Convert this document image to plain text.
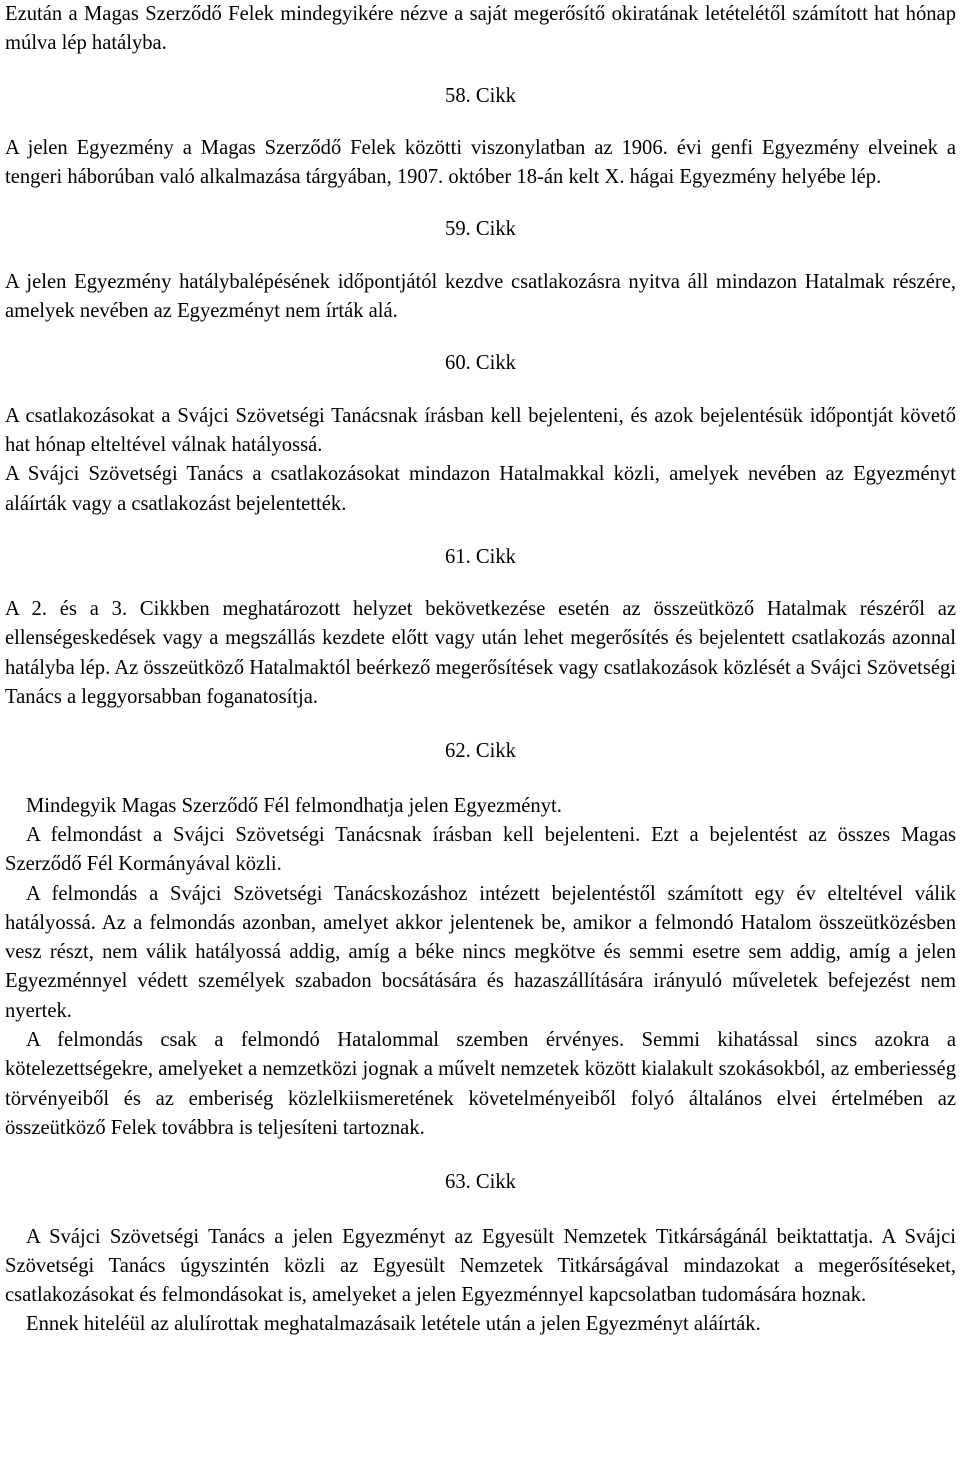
Ezután a Magas Szerződő Felek mindegyikére nézve a saját megerősítő okiratának letételétől számított hat hónap múlva lép hatályba.

58. Cikk

A jelen Egyezmény a Magas Szerződő Felek közötti viszonylatban az 1906. évi genfi Egyezmény elveinek a tengeri háborúban való alkalmazása tárgyában, 1907. október 18-án kelt X. hágai Egyezmény helyébe lép.

59. Cikk

A jelen Egyezmény hatálybalépésének időpontjától kezdve csatlakozásra nyitva áll mindazon Hatalmak részére, amelyek nevében az Egyezményt nem írták alá.

60. Cikk

A csatlakozásokat a Svájci Szövetségi Tanácsnak írásban kell bejelenteni, és azok bejelentésük időpontját követő hat hónap elteltével válnak hatályossá.

A Svájci Szövetségi Tanács a csatlakozásokat mindazon Hatalmakkal közli, amelyek nevében az Egyezményt aláírták vagy a csatlakozást bejelentették.

61. Cikk

A 2. és a 3. Cikkben meghatározott helyzet bekövetkezése esetén az összeütköző Hatalmak részéről az ellenségeskedések vagy a megszállás kezdete előtt vagy után lehet megerősítés és bejelentett csatlakozás azonnal hatályba lép. Az összeütköző Hatalmaktól beérkező megerősítések vagy csatlakozások közlését a Svájci Szövetségi Tanács a leggyorsabban foganatosítja.

62. Cikk

Mindegyik Magas Szerződő Fél felmondhatja jelen Egyezményt.

A felmondást a Svájci Szövetségi Tanácsnak írásban kell bejelenteni. Ezt a bejelentést az összes Magas Szerződő Fél Kormányával közli.

A felmondás a Svájci Szövetségi Tanácskozáshoz intézett bejelentéstől számított egy év elteltével válik hatályossá. Az a felmondás azonban, amelyet akkor jelentenek be, amikor a felmondó Hatalom összeütközésben vesz részt, nem válik hatályossá addig, amíg a béke nincs megkötve és semmi esetre sem addig, amíg a jelen Egyezménnyel védett személyek szabadon bocsátására és hazaszállítására irányuló műveletek befejezést nem nyertek.

A felmondás csak a felmondó Hatalommal szemben érvényes. Semmi kihatással sincs azokra a kötelezettségekre, amelyeket a nemzetközi jognak a művelt nemzetek között kialakult szokásokból, az emberiesség törvényeiből és az emberiség közlelkiismeretének követelményeiből folyó általános elvei értelmében az összeütköző Felek továbbra is teljesíteni tartoznak.

63. Cikk

A Svájci Szövetségi Tanács a jelen Egyezményt az Egyesült Nemzetek Titkárságánál beiktattatja. A Svájci Szövetségi Tanács úgyszintén közli az Egyesült Nemzetek Titkárságával mindazokat a megerősítéseket, csatlakozásokat és felmondásokat is, amelyeket a jelen Egyezménnyel kapcsolatban tudomására hoznak.

Ennek hiteléül az alulírottak meghatalmazásaik letétele után a jelen Egyezményt aláírták.
